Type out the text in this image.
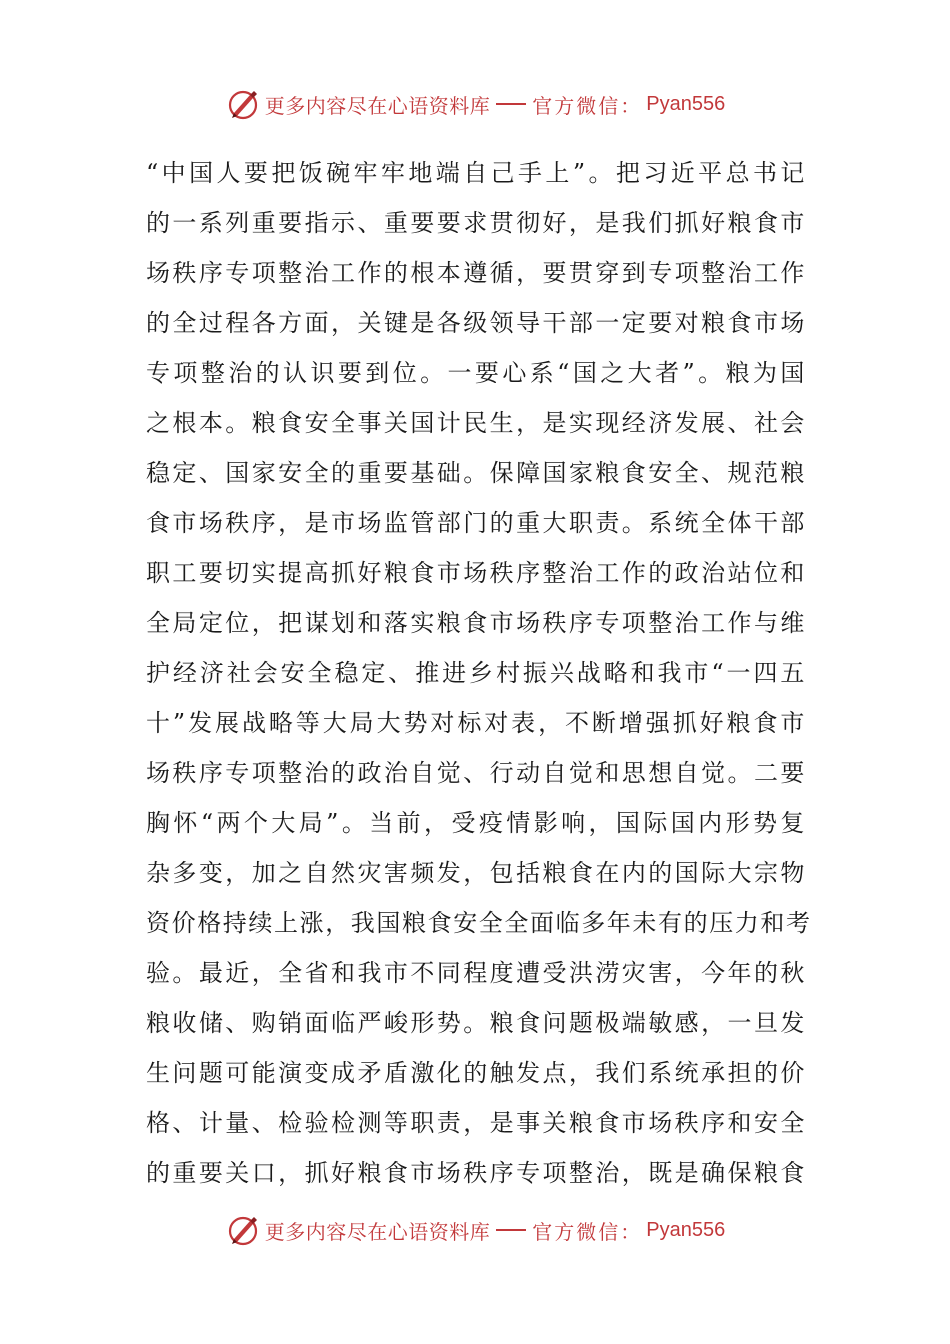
更多内容尽在心语资料库 官方微信： Pyan556
“中国人要把饭碗牢牢地端自己手上”。把习近平总书记
的一系列重要指示、重要要求贯彻好，是我们抓好粮食市
场秩序专项整治工作的根本遵循，要贯穿到专项整治工作
的全过程各方面，关键是各级领导干部一定要对粮食市场
专项整治的认识要到位。一要心系“国之大者”。粮为国
之根本。粮食安全事关国计民生，是实现经济发展、社会
稳定、国家安全的重要基础。保障国家粮食安全、规范粮
食市场秩序，是市场监管部门的重大职责。系统全体干部
职工要切实提高抓好粮食市场秩序整治工作的政治站位和
全局定位，把谋划和落实粮食市场秩序专项整治工作与维
护经济社会安全稳定、推进乡村振兴战略和我市“一四五
十”发展战略等大局大势对标对表，不断增强抓好粮食市
场秩序专项整治的政治自觉、行动自觉和思想自觉。二要
胸怀“两个大局”。当前，受疫情影响，国际国内形势复
杂多变，加之自然灾害频发，包括粮食在内的国际大宗物
资价格持续上涨，我国粮食安全全面临多年未有的压力和考
验。最近，全省和我市不同程度遭受洪涝灾害，今年的秋
粮收储、购销面临严峻形势。粮食问题极端敏感，一旦发
生问题可能演变成矛盾激化的触发点，我们系统承担的价
格、计量、检验检测等职责，是事关粮食市场秩序和安全
的重要关口，抓好粮食市场秩序专项整治，既是确保粮食
更多内容尽在心语资料库 官方微信： Pyan556
